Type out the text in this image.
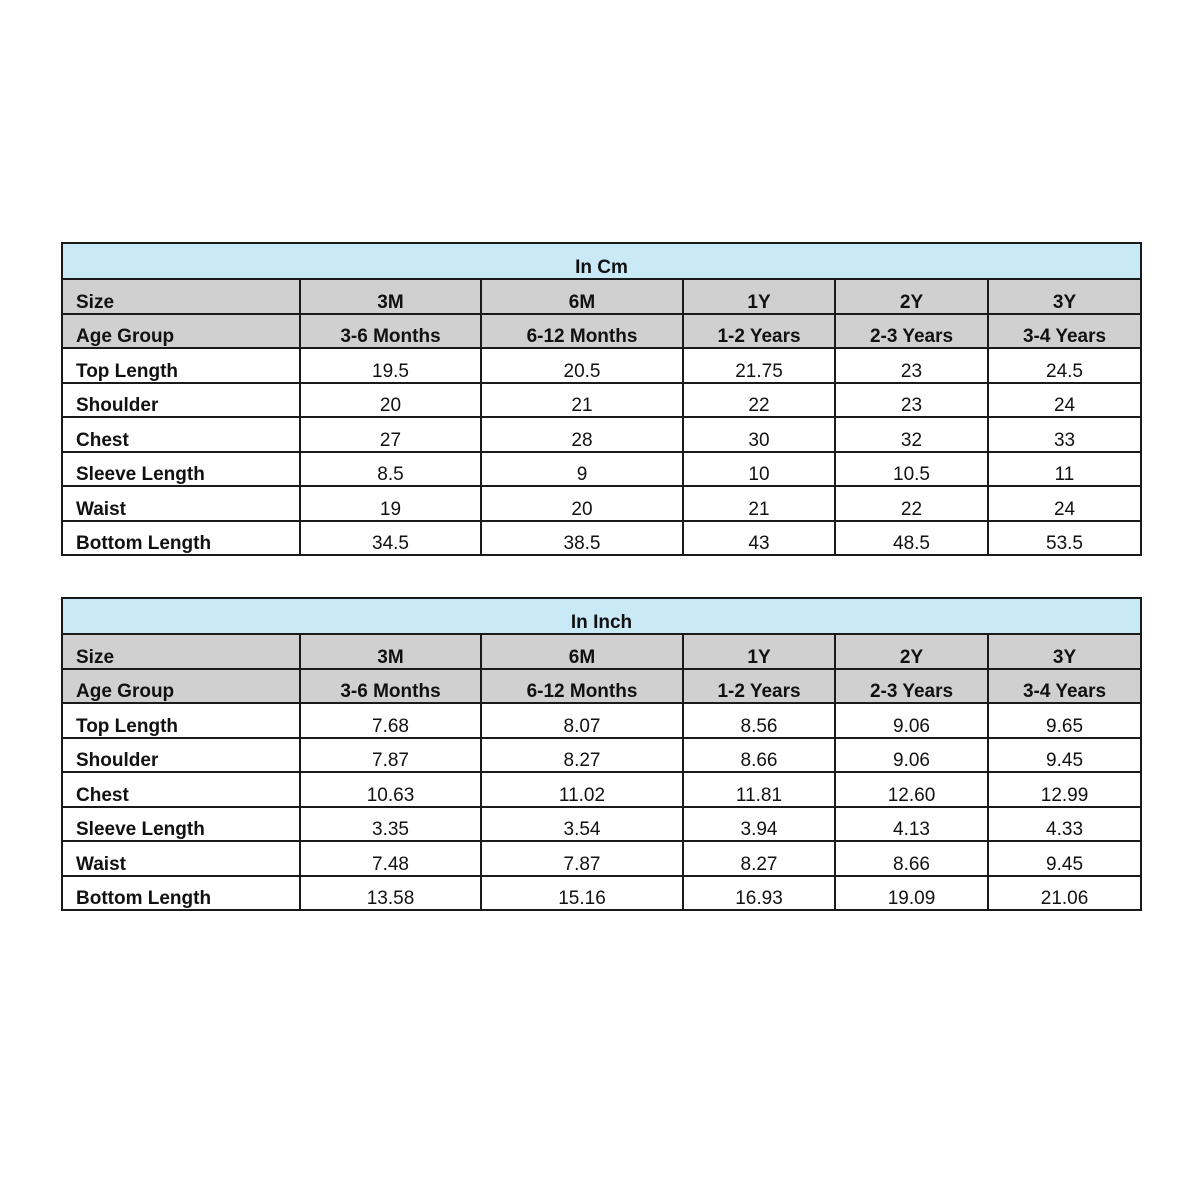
In Cm					
Size	3M	6M	1Y	2Y	3Y
Age Group	3-6 Months	6-12 Months	1-2 Years	2-3 Years	3-4 Years
Top Length	19.5	20.5	21.75	23	24.5
Shoulder	20	21	22	23	24
Chest	27	28	30	32	33
Sleeve Length	8.5	9	10	10.5	11
Waist	19	20	21	22	24
Bottom Length	34.5	38.5	43	48.5	53.5
In Inch					
Size	3M	6M	1Y	2Y	3Y
Age Group	3-6 Months	6-12 Months	1-2 Years	2-3 Years	3-4 Years
Top Length	7.68	8.07	8.56	9.06	9.65
Shoulder	7.87	8.27	8.66	9.06	9.45
Chest	10.63	11.02	11.81	12.60	12.99
Sleeve Length	3.35	3.54	3.94	4.13	4.33
Waist	7.48	7.87	8.27	8.66	9.45
Bottom Length	13.58	15.16	16.93	19.09	21.06
